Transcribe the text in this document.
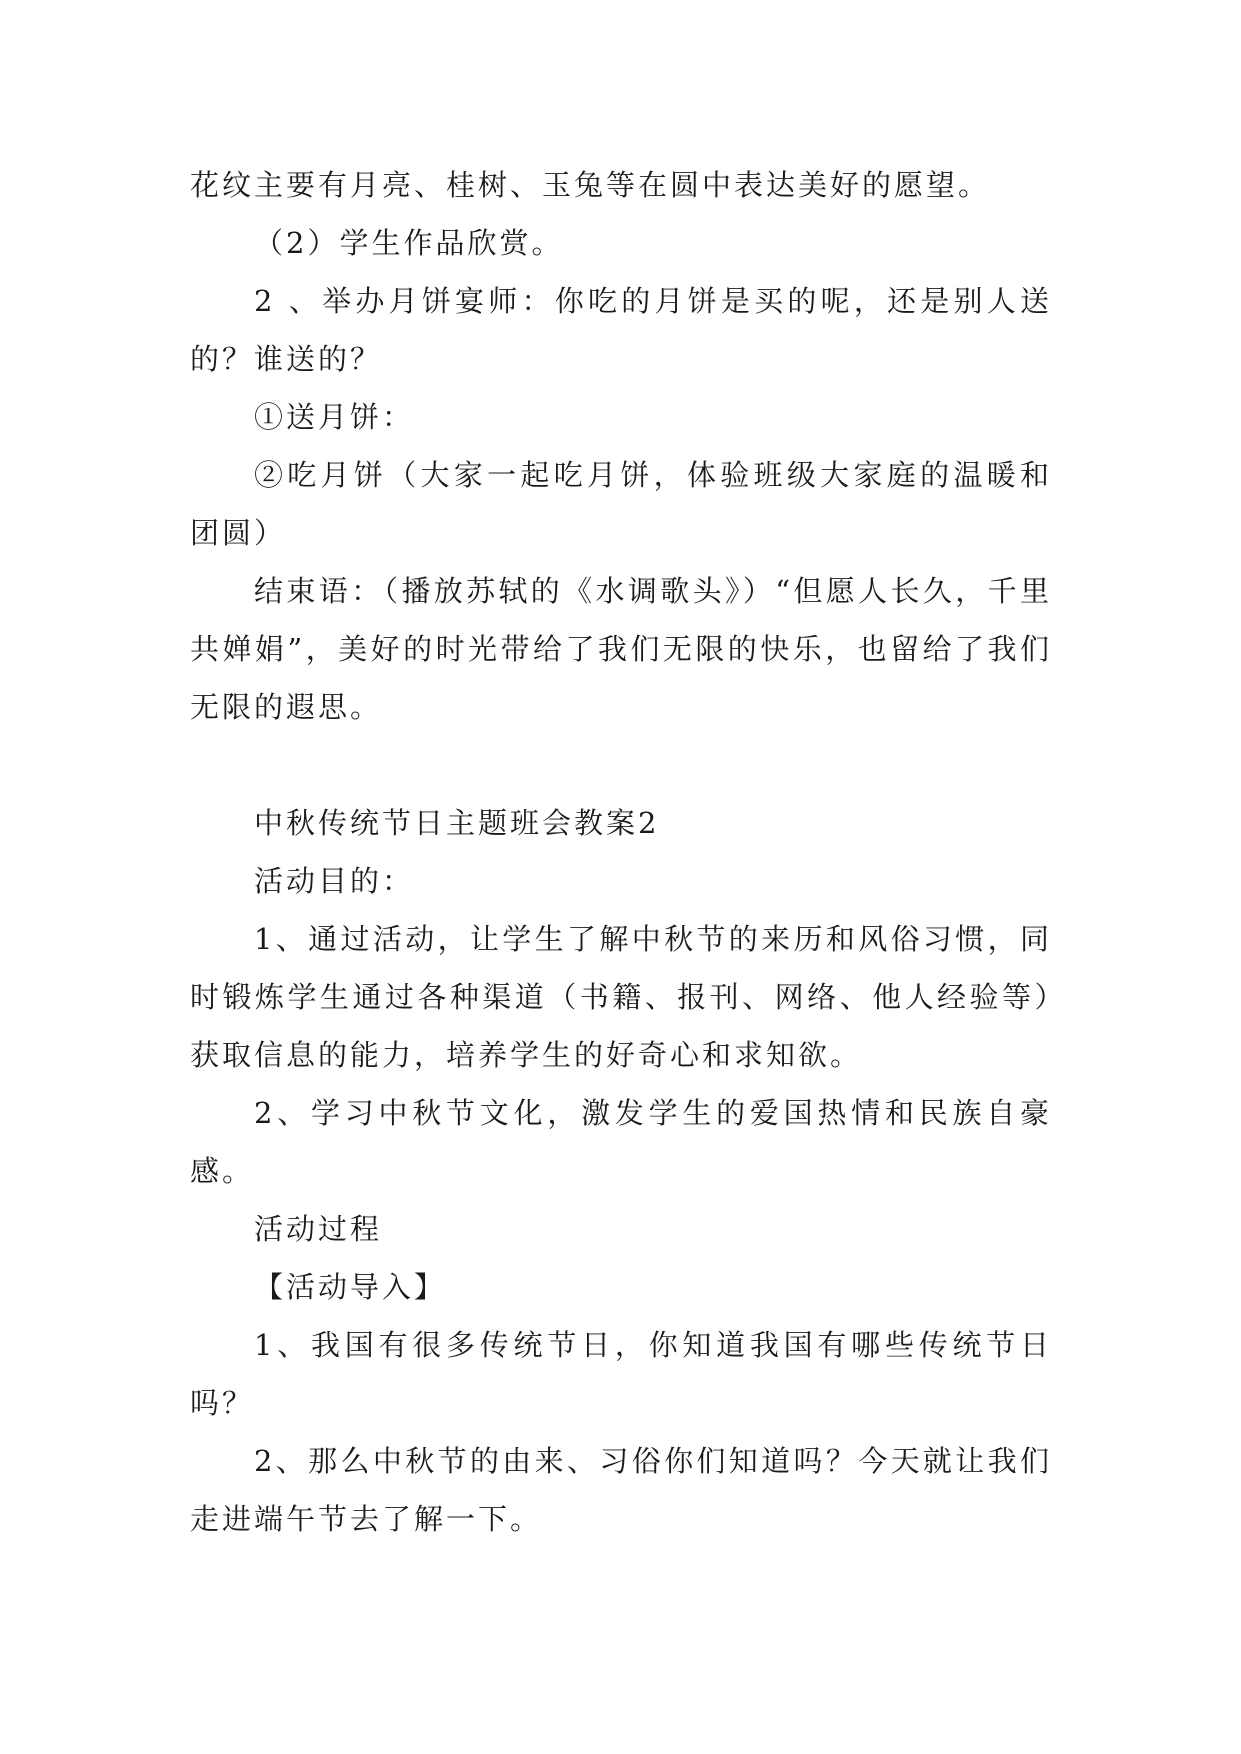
花纹主要有月亮、桂树、玉兔等在圆中表达美好的愿望。

（2）学生作品欣赏。

2 、举办月饼宴师：你吃的月饼是买的呢，还是别人送的？谁送的？

①送月饼：

②吃月饼（大家一起吃月饼，体验班级大家庭的温暖和团圆）

结束语：（播放苏轼的《水调歌头》）“但愿人长久，千里共婵娟”，美好的时光带给了我们无限的快乐，也留给了我们无限的遐思。

中秋传统节日主题班会教案2

活动目的：

1、通过活动，让学生了解中秋节的来历和风俗习惯，同时锻炼学生通过各种渠道（书籍、报刊、网络、他人经验等）获取信息的能力，培养学生的好奇心和求知欲。

2、学习中秋节文化，激发学生的爱国热情和民族自豪感。

活动过程

【活动导入】

1、我国有很多传统节日，你知道我国有哪些传统节日吗？

2、那么中秋节的由来、习俗你们知道吗？今天就让我们走进端午节去了解一下。
